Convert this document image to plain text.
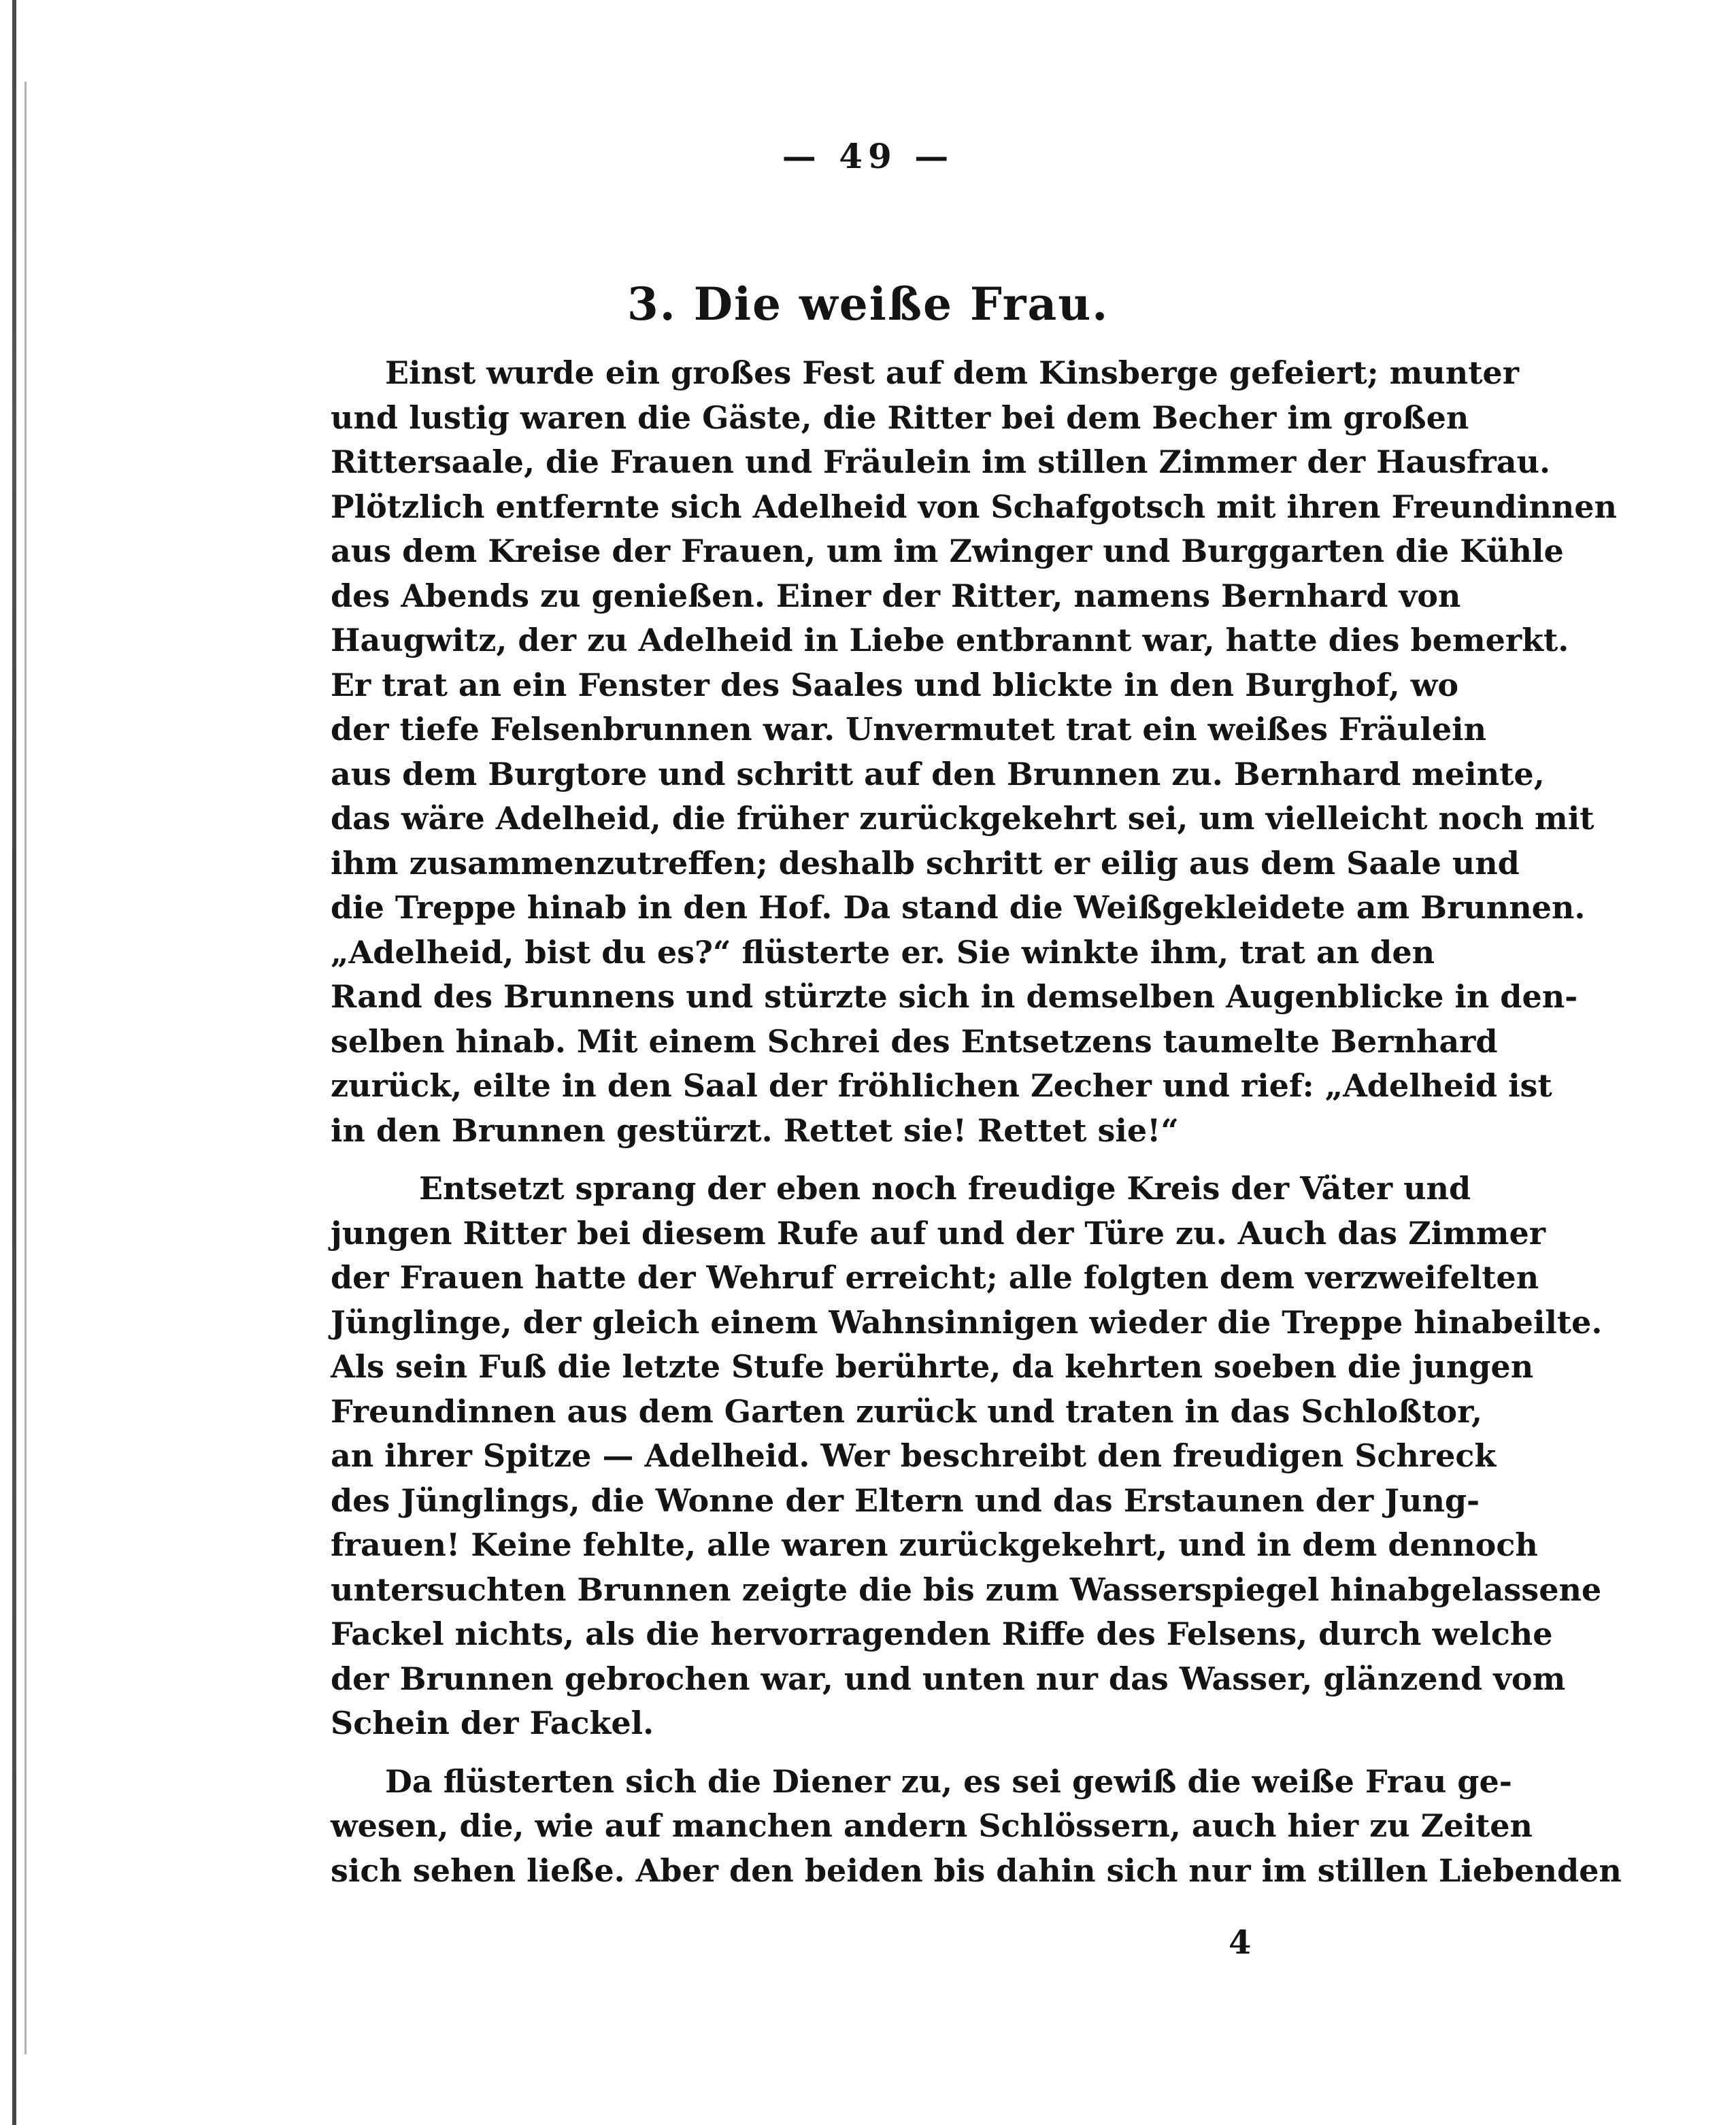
— 49 —
3. Die weiße Frau.
Einst wurde ein großes Fest auf dem Kinsberge gefeiert; munter
und lustig waren die Gäste, die Ritter bei dem Becher im großen
Rittersaale, die Frauen und Fräulein im stillen Zimmer der Hausfrau.
Plötzlich entfernte sich Adelheid von Schafgotsch mit ihren Freundinnen
aus dem Kreise der Frauen, um im Zwinger und Burggarten die Kühle
des Abends zu genießen. Einer der Ritter, namens Bernhard von
Haugwitz, der zu Adelheid in Liebe entbrannt war, hatte dies bemerkt.
Er trat an ein Fenster des Saales und blickte in den Burghof, wo
der tiefe Felsenbrunnen war. Unvermutet trat ein weißes Fräulein
aus dem Burgtore und schritt auf den Brunnen zu. Bernhard meinte,
das wäre Adelheid, die früher zurückgekehrt sei, um vielleicht noch mit
ihm zusammenzutreffen; deshalb schritt er eilig aus dem Saale und
die Treppe hinab in den Hof. Da stand die Weißgekleidete am Brunnen.
„Adelheid, bist du es?“ flüsterte er. Sie winkte ihm, trat an den
Rand des Brunnens und stürzte sich in demselben Augenblicke in den-
selben hinab. Mit einem Schrei des Entsetzens taumelte Bernhard
zurück, eilte in den Saal der fröhlichen Zecher und rief: „Adelheid ist
in den Brunnen gestürzt. Rettet sie! Rettet sie!“
Entsetzt sprang der eben noch freudige Kreis der Väter und
jungen Ritter bei diesem Rufe auf und der Türe zu. Auch das Zimmer
der Frauen hatte der Wehruf erreicht; alle folgten dem verzweifelten
Jünglinge, der gleich einem Wahnsinnigen wieder die Treppe hinabeilte.
Als sein Fuß die letzte Stufe berührte, da kehrten soeben die jungen
Freundinnen aus dem Garten zurück und traten in das Schloßtor,
an ihrer Spitze — Adelheid. Wer beschreibt den freudigen Schreck
des Jünglings, die Wonne der Eltern und das Erstaunen der Jung-
frauen! Keine fehlte, alle waren zurückgekehrt, und in dem dennoch
untersuchten Brunnen zeigte die bis zum Wasserspiegel hinabgelassene
Fackel nichts, als die hervorragenden Riffe des Felsens, durch welche
der Brunnen gebrochen war, und unten nur das Wasser, glänzend vom
Schein der Fackel.
Da flüsterten sich die Diener zu, es sei gewiß die weiße Frau ge-
wesen, die, wie auf manchen andern Schlössern, auch hier zu Zeiten
sich sehen ließe. Aber den beiden bis dahin sich nur im stillen Liebenden
4
